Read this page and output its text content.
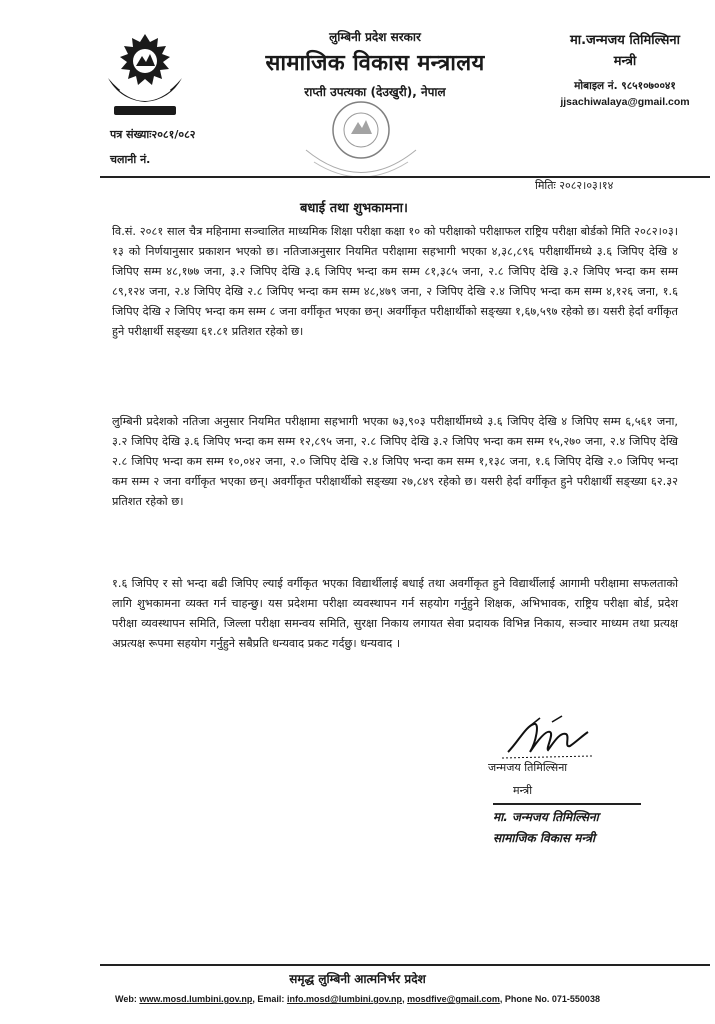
लुम्बिनी प्रदेश सरकार
सामाजिक विकास मन्त्रालय
राप्ती उपत्यका (देउखुरी), नेपाल
मा.जन्मजय तिमिल्सिना
मन्त्री
मोबाइल नं. ९८५१०७००४१
jjsachiwalaya@gmail.com
पत्र संख्याः२०८१/०८२
चलानी नं.
मितिः २०८२।०३।१४
बधाई तथा शुभकामना।
वि.सं. २०८१ साल चैत्र महिनामा सञ्चालित माध्यमिक शिक्षा परीक्षा कक्षा १० को परीक्षाको परीक्षाफल राष्ट्रिय परीक्षा बोर्डको मिति २०८२।०३।१३ को निर्णयानुसार प्रकाशन भएको छ। नतिजाअनुसार नियमित परीक्षामा सहभागी भएका ४,३८,८९६ परीक्षार्थीमध्ये ३.६ जिपिए देखि ४ जिपिए सम्म ४८,१७७ जना, ३.२ जिपिए देखि ३.६ जिपिए भन्दा कम सम्म ८१,३८५ जना, २.८ जिपिए देखि ३.२ जिपिए भन्दा कम सम्म ८९,१२४ जना, २.४ जिपिए देखि २.८ जिपिए भन्दा कम सम्म ४८,४७९ जना, २ जिपिए देखि २.४ जिपिए भन्दा कम सम्म ४,१२६ जना, १.६ जिपिए देखि २ जिपिए भन्दा कम सम्म ८ जना वर्गीकृत भएका छन्। अवर्गीकृत परीक्षार्थीको सङ्ख्या १,६७,५९७ रहेको छ। यसरी हेर्दा वर्गीकृत हुने परीक्षार्थी सङ्ख्या ६१.८१ प्रतिशत रहेको छ।
लुम्बिनी प्रदेशको नतिजा अनुसार नियमित परीक्षामा सहभागी भएका ७३,९०३ परीक्षार्थीमध्ये ३.६ जिपिए देखि ४ जिपिए सम्म ६,५६१ जना, ३.२ जिपिए देखि ३.६ जिपिए भन्दा कम सम्म १२,८९५ जना, २.८ जिपिए देखि ३.२ जिपिए भन्दा कम सम्म १५,२७० जना, २.४ जिपिए देखि २.८ जिपिए भन्दा कम सम्म १०,०४२ जना, २.० जिपिए देखि २.४ जिपिए भन्दा कम सम्म १,१३८ जना, १.६ जिपिए देखि २.० जिपिए भन्दा कम सम्म २ जना वर्गीकृत भएका छन्। अवर्गीकृत परीक्षार्थीको सङ्ख्या २७,८४९ रहेको छ। यसरी हेर्दा वर्गीकृत हुने परीक्षार्थी सङ्ख्या ६२.३२ प्रतिशत रहेको छ।
१.६ जिपिए र सो भन्दा बढी जिपिए ल्याई वर्गीकृत भएका विद्यार्थीलाई बधाई तथा अवर्गीकृत हुने विद्यार्थीलाई आगामी परीक्षामा सफलताको लागि शुभकामना व्यक्त गर्न चाहन्छु। यस प्रदेशमा परीक्षा व्यवस्थापन गर्न सहयोग गर्नुहुने शिक्षक, अभिभावक, राष्ट्रिय परीक्षा बोर्ड, प्रदेश परीक्षा व्यवस्थापन समिति, जिल्ला परीक्षा समन्वय समिति, सुरक्षा निकाय लगायत सेवा प्रदायक विभिन्न निकाय, सञ्चार माध्यम तथा प्रत्यक्ष अप्रत्यक्ष रूपमा सहयोग गर्नुहुने सबैप्रति धन्यवाद प्रकट गर्दछु। धन्यवाद ।
जन्मजय तिमिल्सिना
मन्त्री
मा. जन्मजय तिमिल्सिना
सामाजिक विकास मन्त्री
समृद्ध लुम्बिनी आत्मनिर्भर प्रदेश
Web: www.mosd.lumbini.gov.np, Email: info.mosd@lumbini.gov.np, mosdfive@gmail.com, Phone No. 071-550038
